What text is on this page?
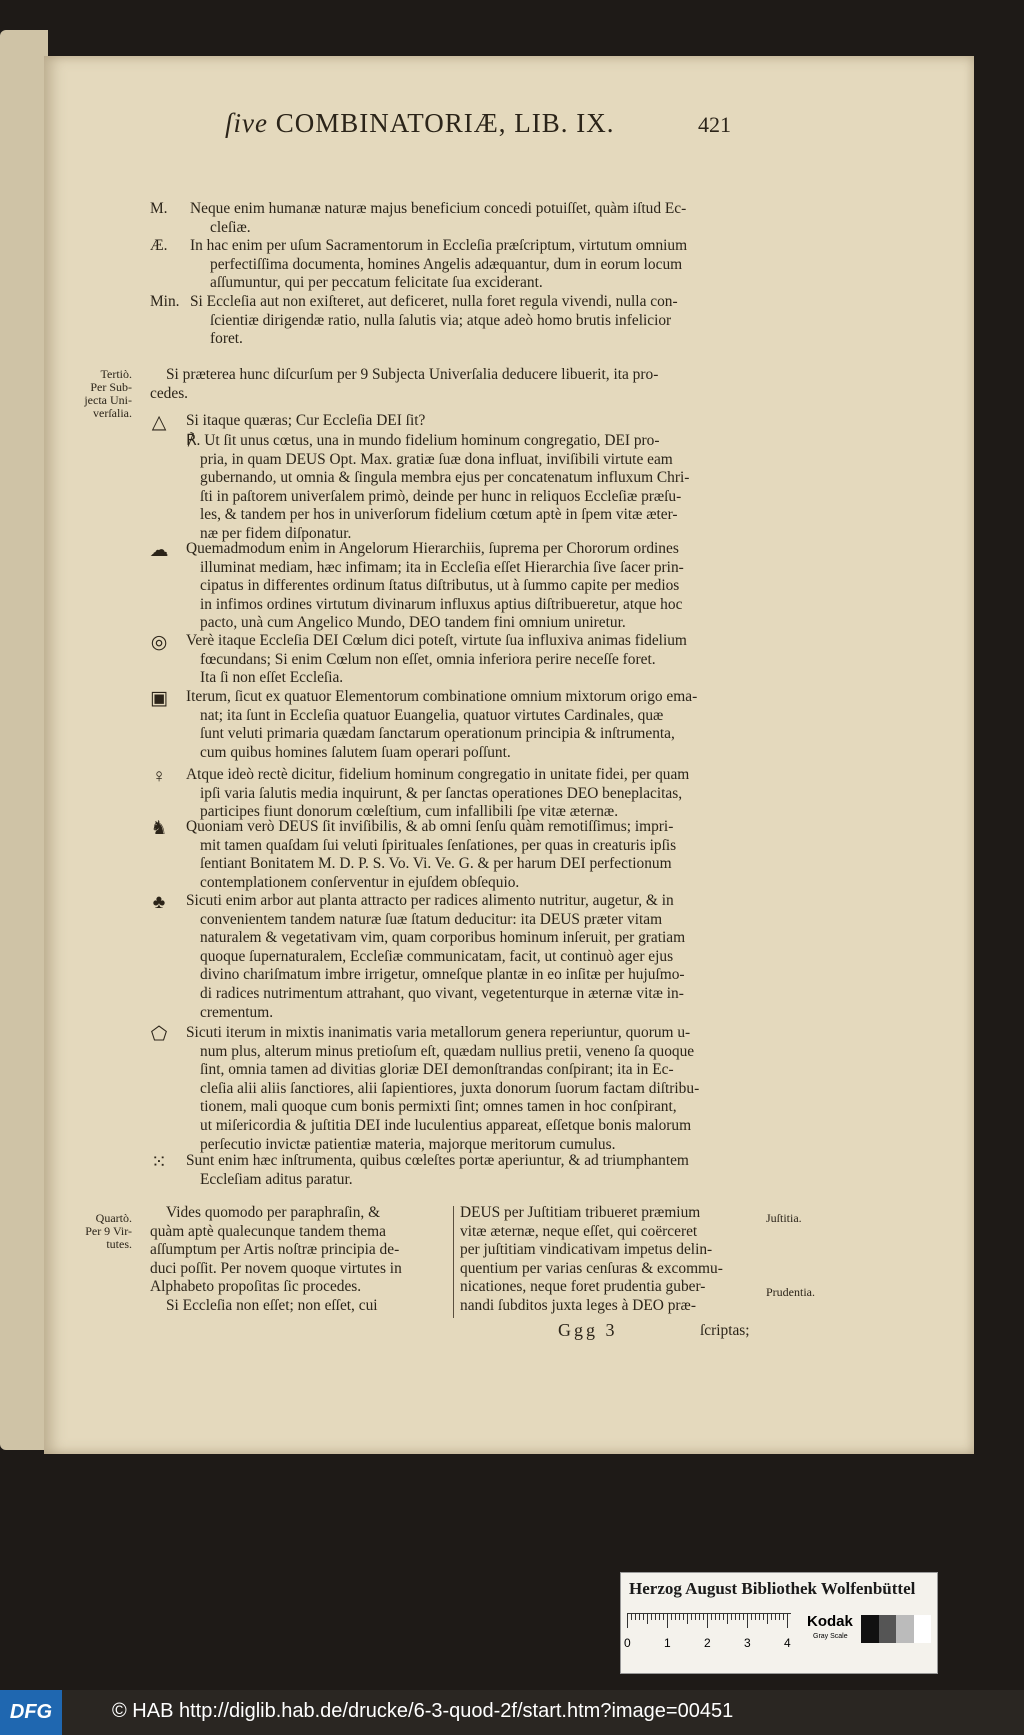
ſive COMBINATORIÆ, LIB. IX.	421
M.	Neque enim humanæ naturæ majus beneficium concedi potuiſſet, quàm iſtud Ec-
cleſiæ.
Æ.	In hac enim per uſum Sacramentorum in Eccleſia præſcriptum, virtutum omnium
perfectiſſima documenta, homines Angelis adæquantur, dum in eorum locum
aſſumuntur, qui per peccatum felicitate ſua exciderant.
Min. Si Eccleſia aut non exiſteret, aut deficeret, nulla foret regula vivendi, nulla con-
ſcientiæ dirigendæ ratio, nulla ſalutis via; atque adeò homo brutis infelicior
foret.
Tertiò. Per Sub-jecta Uni-verſalia.
Si præterea hunc diſcurſum per 9 Subjecta Univerſalia deducere libuerit, ita pro-
cedes.
△	Si itaque quæras; Cur Eccleſia DEI ſit?
℟. Ut ſit unus cœtus, una in mundo fidelium hominum congregatio, DEI pro-
pria, in quam DEUS Opt. Max. gratiæ ſuæ dona influat, inviſibili virtute eam
gubernando, ut omnia & ſingula membra ejus per concatenatum influxum Chri-
ſti in paſtorem univerſalem primò, deinde per hunc in reliquos Eccleſiæ præſu-
les, & tandem per hos in univerſorum fidelium cœtum aptè in ſpem vitæ æter-
næ per fidem diſponatur.
☁ Quemadmodum enim in Angelorum Hierarchiis, ſuprema per Chororum ordines
illuminat mediam, hæc infimam; ita in Eccleſia eſſet Hierarchia ſive ſacer prin-
cipatus in differentes ordinum ſtatus diſtributus, ut à ſummo capite per medios
in infimos ordines virtutum divinarum influxus aptius diſtribueretur, atque hoc
pacto, unà cum Angelico Mundo, DEO tandem fini omnium uniretur.
◎	Verè itaque Eccleſia DEI Cœlum dici poteſt, virtute ſua influxiva animas fidelium
fœcundans; Si enim Cœlum non eſſet, omnia inferiora perire neceſſe foret.
Ita ſi non eſſet Eccleſia.
▣ Iterum, ſicut ex quatuor Elementorum combinatione omnium mixtorum origo ema-
nat; ita ſunt in Eccleſia quatuor Euangelia, quatuor virtutes Cardinales, quæ
ſunt veluti primaria quædam ſanctarum operationum principia & inſtrumenta,
cum quibus homines ſalutem ſuam operari poſſunt.
♀	Atque ideò rectè dicitur, fidelium hominum congregatio in unitate fidei, per quam
ipſi varia ſalutis media inquirunt, & per ſanctas operationes DEO beneplacitas,
participes fiunt donorum cœleſtium, cum infallibili ſpe vitæ æternæ.
♞ Quoniam verò DEUS ſit inviſibilis, & ab omni ſenſu quàm remotiſſimus; impri-
mit tamen quaſdam ſui veluti ſpirituales ſenſationes, per quas in creaturis ipſis
ſentiant Bonitatem M. D. P. S. Vo. Vi. Ve. G. & per harum DEI perfectionum
contemplationem conſerventur in ejuſdem obſequio.
♣	Sicuti enim arbor aut planta attracto per radices alimento nutritur, augetur, & in
convenientem tandem naturæ ſuæ ſtatum deducitur: ita DEUS præter vitam
naturalem & vegetativam vim, quam corporibus hominum inſeruit, per gratiam
quoque ſupernaturalem, Eccleſiæ communicatam, facit, ut continuò ager ejus
divino chariſmatum imbre irrigetur, omneſque plantæ in eo inſitæ per hujuſmo-
di radices nutrimentum attrahant, quo vivant, vegetenturque in æternæ vitæ in-
crementum.
⬠	Sicuti iterum in mixtis inanimatis varia metallorum genera reperiuntur, quorum u-
num plus, alterum minus pretioſum eſt, quædam nullius pretii, veneno ſa quoque
ſint, omnia tamen ad divitias gloriæ DEI demonſtrandas conſpirant; ita in Ec-
cleſia alii aliis ſanctiores, alii ſapientiores, juxta donorum ſuorum factam diſtribu-
tionem, mali quoque cum bonis permixti ſint; omnes tamen in hoc conſpirant,
ut miſericordia & juſtitia DEI inde luculentius appareat, eſſetque bonis malorum
perſecutio invictæ patientiæ materia, majorque meritorum cumulus.
⁙	Sunt enim hæc inſtrumenta, quibus cœleſtes portæ aperiuntur, & ad triumphantem
Eccleſiam aditus paratur.
Quartò. Per 9 Vir-tutes.
Juſtitia.
Prudentia.
Vides quomodo per paraphraſin, &
quàm aptè qualecunque tandem thema
aſſumptum per Artis noſtræ principia de-
duci poſſit. Per novem quoque virtutes in
Alphabeto propoſitas ſic procedes.
Si Eccleſia non eſſet; non eſſet, cui
DEUS per Juſtitiam tribueret præmium
vitæ æternæ, neque eſſet, qui coërceret
per juſtitiam vindicativam impetus delin-
quentium per varias cenſuras & excommu-
nicationes, neque foret prudentia guber-
nandi ſubditos juxta leges à DEO præ-
Ggg 3	ſcriptas;
Herzog August Bibliothek Wolfenbüttel
0	1	2	3	4
Kodak
Gray Scale
DFG	© HAB http://diglib.hab.de/drucke/6-3-quod-2f/start.htm?image=00451
